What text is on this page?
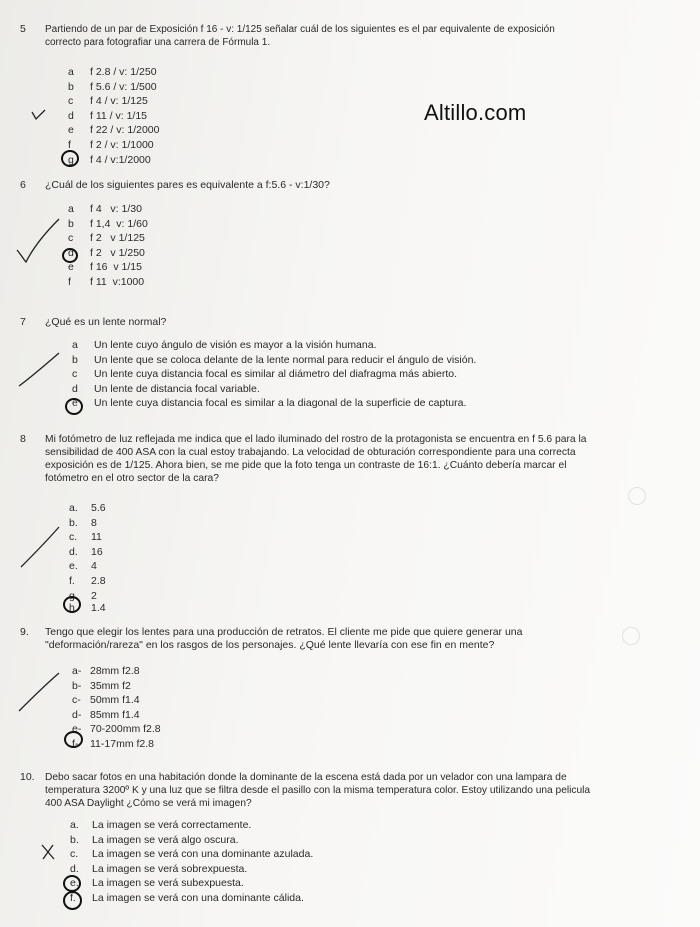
Altillo.com
5 Partiendo de un par de Exposición f 16 - v: 1/125 señalar cuál de los siguientes es el par equivalente de exposición
correcto para fotografiar una carrera de Fórmula 1.
a	f 2.8 / v: 1/250
b	f 5.6 / v: 1/500
c	f 4 / v: 1/125
d	f 11 / v: 1/15
e	f 22 / v: 1/2000
f	f 2 / v: 1/1000
g	f 4 / v:1/2000
6 ¿Cuál de los siguientes pares es equivalente a f:5.6 - v:1/30?
a	f 4   v: 1/30
b	f 1,4  v: 1/60
c	f 2   v 1/125
d	f 2   v 1/250
e	f 16  v 1/15
f	f 11  v:1000
7 ¿Qué es un lente normal?
a	Un lente cuyo ángulo de visión es mayor a la visión humana.
b	Un lente que se coloca delante de la lente normal para reducir el ángulo de visión.
c	Un lente cuya distancia focal es similar al diámetro del diafragma más abierto.
d	Un lente de distancia focal variable.
e	Un lente cuya distancia focal es similar a la diagonal de la superficie de captura.
8 Mi fotómetro de luz reflejada me indica que el lado iluminado del rostro de la protagonista se encuentra en f 5.6 para la
sensibilidad de 400 ASA con la cual estoy trabajando. La velocidad de obturación correspondiente para una correcta
exposición es de 1/125. Ahora bien, se me pide que la foto tenga un contraste de 16:1. ¿Cuánto debería marcar el
fotómetro en el otro sector de la cara?
a.	5.6
b.	8
c.	11
d.	16
e.	4
f.	2.8
g.	2
h	1.4
9. Tengo que elegir los lentes para una producción de retratos. El cliente me pide que quiere generar una
"deformación/rareza" en los rasgos de los personajes. ¿Qué lente llevaría con ese fin en mente?
a- 28mm f2.8
b- 35mm f2
c- 50mm f1.4
d- 85mm f1.4
e- 70-200mm f2.8
f-	11-17mm f2.8
10. Debo sacar fotos en una habitación donde la dominante de la escena está dada por un velador con una lampara de
temperatura 3200º K y una luz que se filtra desde el pasillo con la misma temperatura color. Estoy utilizando una pelicula
400 ASA Daylight ¿Cómo se verá mi imagen?
a.	La imagen se verá correctamente.
b.	La imagen se verá algo oscura.
c.	La imagen se verá con una dominante azulada.
d.	La imagen se verá sobrexpuesta.
e.	La imagen se verá subexpuesta.
f.	La imagen se verá con una dominante cálida.
